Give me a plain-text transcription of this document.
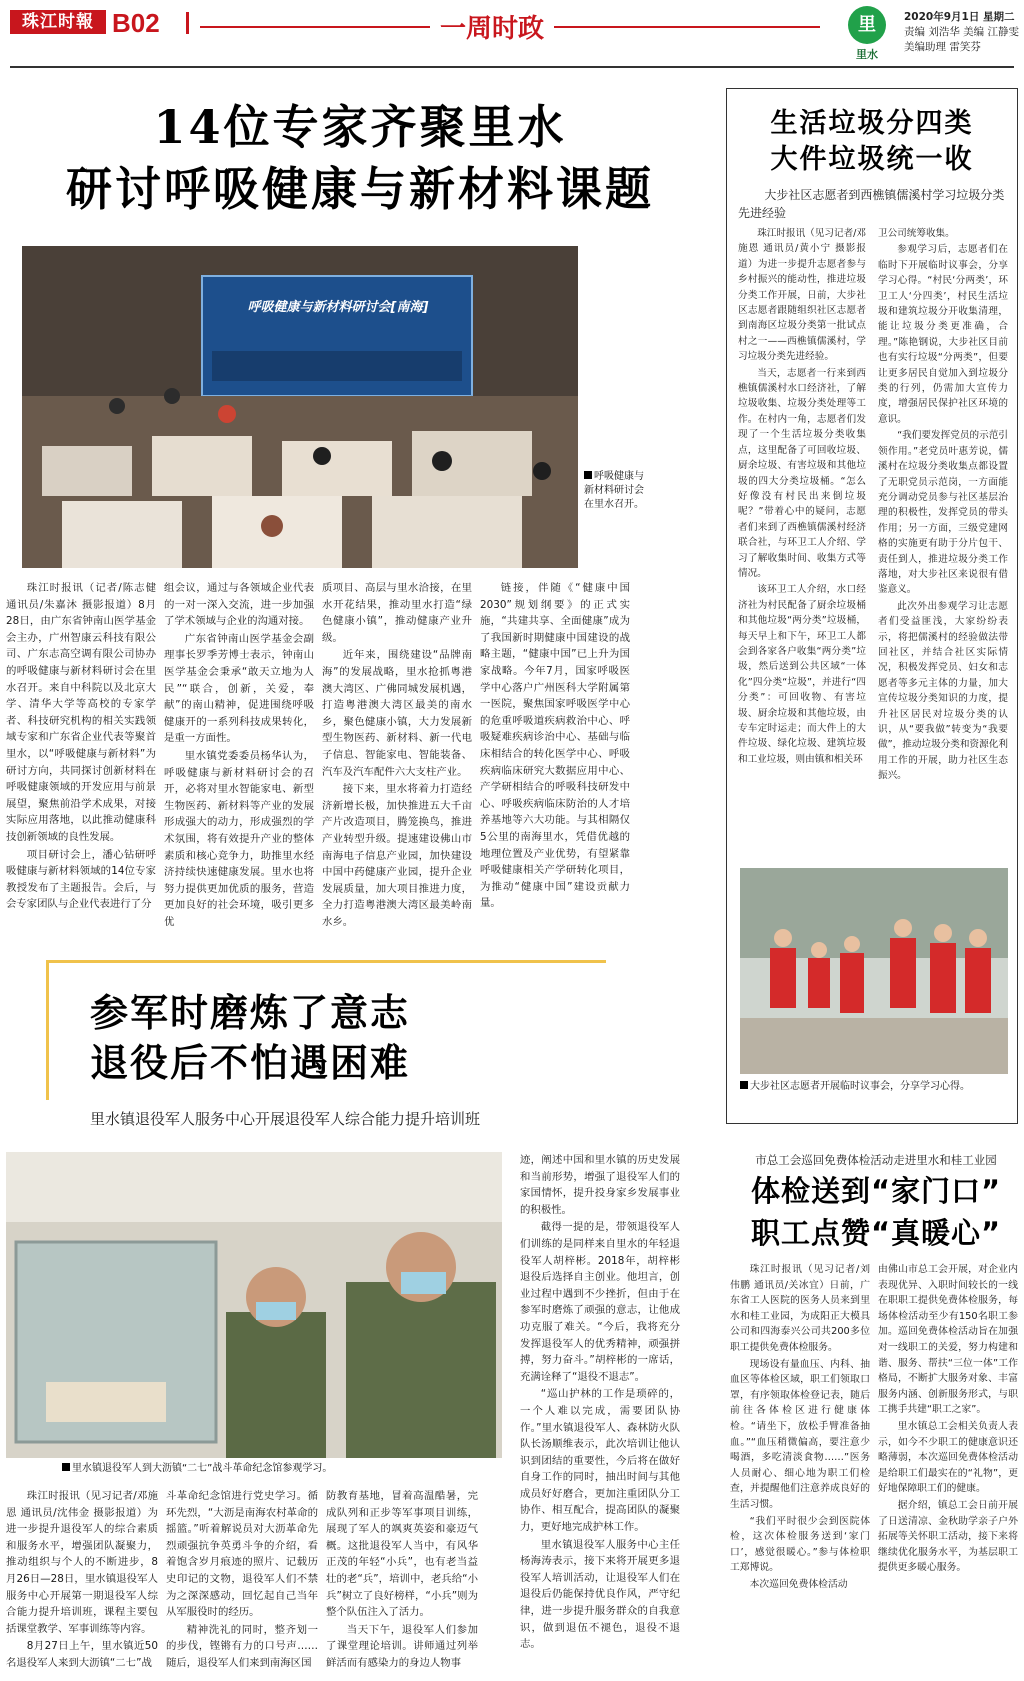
珠江时報 B02	一周时政	里
里水
2020年9月1日 星期二
责编 刘浩华 美编 江静雯
美编助理 雷笑芬
14位专家齐聚里水
研讨呼吸健康与新材料课题
呼吸健康与新材料研讨会[南海]
呼吸健康与新材料研讨会在里水召开。

珠江时报讯（记者/陈志健 通讯员/朱嘉沐 摄影报道）8月28日，由广东省钟南山医学基金会主办，广州智康云科技有限公司、广东志高空调有限公司协办的呼吸健康与新材料研讨会在里水召开。来自中科院以及北京大学、清华大学等高校的专家学者、科技研究机构的相关实践领域专家和广东省企业代表等聚首里水，以“呼吸健康与新材料”为研讨方向，共同探讨创新材料在呼吸健康领域的开发应用与前景展望，聚焦前沿学术成果，对接实际应用落地，以此推动健康科技创新领域的良性发展。

项目研讨会上，潘心钻研呼吸健康与新材料领域的14位专家教授发布了主题报告。会后，与会专家团队与企业代表进行了分

组会议，通过与各领域企业代表的一对一深入交流，进一步加强了学术领域与企业的沟通对接。

广东省钟南山医学基金会副理事长罗季芳博士表示，钟南山医学基金会秉承“敢天立地为人民”“联合，创新，关爱，奉献”的南山精神，促进围绕呼吸健康开的一系列科技成果转化，是重一方面性。

里水镇党委委员杨华认为，呼吸健康与新材料研讨会的召开，必将对里水智能家电、新型生物医药、新材料等产业的发展形成强大的动力，形成强烈的学术氛围，将有效提升产业的整体素质和核心竞争力，助推里水经济持续快速健康发展。里水也将努力提供更加优质的服务，营造更加良好的社会环境，吸引更多优

质项目、高层与里水洽接，在里水开花结果，推动里水打造“绿色健康小镇”，推动健康产业升级。

近年来，围绕建设“品牌南海”的发展战略，里水抢抓粤港澳大湾区、广佛同城发展机遇，打造粤港澳大湾区最美的南水乡，聚色健康小镇，大力发展新型生物医药、新材料、新一代电子信息、智能家电、智能装备、汽车及汽车配件六大支柱产业。

接下来，里水将着力打造经济新增长极，加快推进五大千亩产片改造项目，腾笼换鸟，推进产业转型升级。提速建设佛山市南海电子信息产业园，加快建设中国中药健康产业园，提升企业发展质量，加大项目推进力度，全力打造粤港澳大湾区最美岭南水乡。

链接，伴随《“健康中国2030”规划纲要》的正式实施，“共建共享、全面健康”成为了我国新时期健康中国建设的战略主题，“健康中国”已上升为国家战略。今年7月，国家呼吸医学中心落户广州医科大学附属第一医院，聚焦国家呼吸医学中心的危重呼吸道疾病救治中心、呼吸疑难疾病诊治中心、基础与临床相结合的转化医学中心、呼吸疾病临床研究大数据应用中心、产学研相结合的呼吸科技研发中心、呼吸疾病临床防治的人才培养基地等六大功能。与其相隔仅5公里的南海里水，凭借优越的地理位置及产业优势，有望紧靠呼吸健康相关产学研转化项目，为推动“健康中国”建设贡献力量。

生活垃圾分四类
大件垃圾统一收
大步社区志愿者到西樵镇儒溪村学习垃圾分类先进经验

珠江时报讯（见习记者/邓施恩 通讯员/黄小宁 摄影报道）为进一步提升志愿者参与乡村振兴的能动性，推进垃圾分类工作开展，日前，大步社区志愿者跟随组织社区志愿者到南海区垃圾分类第一批试点村之一——西樵镇儒溪村，学习垃圾分类先进经验。

当天，志愿者一行来到西樵镇儒溪村水口经济社，了解垃圾收集、垃圾分类处理等工作。在村内一角，志愿者们发现了一个生活垃圾分类收集点，这里配备了可回收垃圾、厨余垃圾、有害垃圾和其他垃圾的四大分类垃圾桶。“怎么好像没有村民出来倒垃圾呢？”带着心中的疑问，志愿者们来到了西樵镇儒溪村经济联合社，与环卫工人介绍、学习了解收集时间、收集方式等情况。

该环卫工人介绍，水口经济社为村民配备了厨余垃圾桶和其他垃圾“两分类”垃圾桶，每天早上和下午，环卫工人都会到各家各户收集“两分类”垃圾，然后送到公共区域“一体化”四分类“垃圾”，并进行“四分类”：可回收物、有害垃圾、厨余垃圾和其他垃圾，由专车定时运走；而大件上的大件垃圾、绿化垃圾、建筑垃圾和工业垃圾，则由镇和相关环

卫公司统筹收集。

参观学习后，志愿者们在临时下开展临时议事会，分享学习心得。“村民‘分两类’，环卫工人‘分四类’，村民生活垃圾和建筑垃圾分开收集清理，能让垃圾分类更准确，合理。”陈艳钢说，大步社区目前也有实行垃圾“分两类”，但要让更多居民自觉加入到垃圾分类的行列，仍需加大宣传力度，增强居民保护社区环境的意识。

“我们要发挥党员的示范引领作用。”老党员叶惠芳说，儒溪村在垃圾分类收集点都设置了无职党员示范岗，一方面能充分调动党员参与社区基层治理的积极性，发挥党员的带头作用；另一方面，三级党建网格的实施更有助于分片包干、责任到人，推进垃圾分类工作落地，对大步社区来说很有借鉴意义。

此次外出参观学习让志愿者们受益匪浅，大家纷纷表示，将把儒溪村的经验做法带回社区，并结合社区实际情况，积极发挥党员、妇女和志愿者等多元主体的力量，加大宣传垃圾分类知识的力度，提升社区居民对垃圾分类的认识，从“要我做”转变为“我要做”，推动垃圾分类和资源化利用工作的开展，助力社区生态振兴。

大步社区志愿者开展临时议事会，分享学习心得。
参军时磨炼了意志
退役后不怕遇困难
里水镇退役军人服务中心开展退役军人综合能力提升培训班
里水镇退役军人到大沥镇“二七”战斗革命纪念馆参观学习。

珠江时报讯（见习记者/邓施恩 通讯员/沈伟金 摄影报道）为进一步提升退役军人的综合素质和服务水平，增强团队凝聚力，推动组织与个人的不断进步，8月26日—28日，里水镇退役军人服务中心开展第一期退役军人综合能力提升培训班，课程主要包括课堂教学、军事训练等内容。

8月27日上午，里水镇近50名退役军人来到大沥镇“二七”战

斗革命纪念馆进行党史学习。循环先烈，“大沥是南海农村革命的摇篮。”听着解说员对大沥革命先烈顽强抗争英勇斗争的介绍，看着饱含岁月痕迹的照片、记载历史印记的文物，退役军人们不禁为之深深感动，回忆起自己当年从军服役时的经历。

精神洗礼的同时，整齐划一的步伐，铿锵有力的口号声……随后，退役军人们来到南海区国

防教育基地，冒着高温酷暑，完成队列和正步等军事项目训练，展现了军人的飒爽英姿和豪迈气概。这批退役军人当中，有风华正茂的年轻“小兵”，也有老当益壮的老“兵”，培训中，老兵给“小兵”树立了良好榜样，“小兵”则为整个队伍注入了活力。

当天下午，退役军人们参加了课堂理论培训。讲师通过列举鲜活而有感染力的身边人物事

迹，阐述中国和里水镇的历史发展和当前形势，增强了退役军人们的家国情怀，提升投身家乡发展事业的积极性。

截得一提的是，带领退役军人们训练的是同样来自里水的年轻退役军人胡梓彬。2018年，胡梓彬退役后选择自主创业。他坦言，创业过程中遇到不少挫折，但由于在参军时磨炼了顽强的意志，让他成功克服了难关。“今后，我将充分发挥退役军人的优秀精神，顽强拼搏，努力奋斗。”胡梓彬的一席话，充满诠释了“退役不退志”。

“巡山护林的工作是琐碎的，一个人难以完成，需要团队协作。”里水镇退役军人、森林防火队队长汤顺维表示，此次培训让他认识到团结的重要性，今后将在做好自身工作的同时，抽出时间与其他成员好好磨合，更加注重团队分工协作、相互配合，提高团队的凝聚力，更好地完成护林工作。

里水镇退役军人服务中心主任杨海涛表示，接下来将开展更多退役军人培训活动，让退役军人们在退役后仍能保持优良作风，严守纪律，进一步提升服务群众的自我意识，做到退伍不褪色，退役不退志。

市总工会巡回免费体检活动走进里水和桂工业园
体检送到“家门口”
职工点赞“真暖心”

珠江时报讯（见习记者/刘伟鹏 通讯员/关冰宜）日前，广东省工人医院的医务人员来到里水和桂工业园，为成阳正大模具公司和四海泰兴公司共200多位职工提供免费体检服务。

现场设有量血压、内科、抽血区等体检区域，职工们领取口罩，有序领取体检登记表，随后前往各体检区进行健康体检。“请坐下，放松手臂准备抽血。”“血压稍微偏高，要注意少喝酒，多吃清淡食物……”医务人员耐心、细心地为职工们检查，并提醒他们注意养成良好的生活习惯。

“我们平时很少会到医院体检，这次体检服务送到‘家门口’，感觉很暖心。”参与体检职工郑博说。

本次巡回免费体检活动

由佛山市总工会开展，对企业内表现优异、入职时间较长的一线在职职工提供免费体检服务，每场体检活动至少有150名职工参加。巡回免费体检活动旨在加强对一线职工的关爱，努力构建和谐、服务、帮扶“三位一体”工作格局，不断扩大服务对象、丰富服务内涵、创新服务形式，与职工携手共建“职工之家”。

里水镇总工会相关负责人表示，如今不少职工的健康意识还略薄弱，本次巡回免费体检活动是给职工们最实在的“礼物”，更好地保障职工们的健康。

据介绍，镇总工会日前开展了日送清凉、金秋助学亲子户外拓展等关怀职工活动，接下来将继续优化服务水平，为基层职工提供更多暖心服务。
